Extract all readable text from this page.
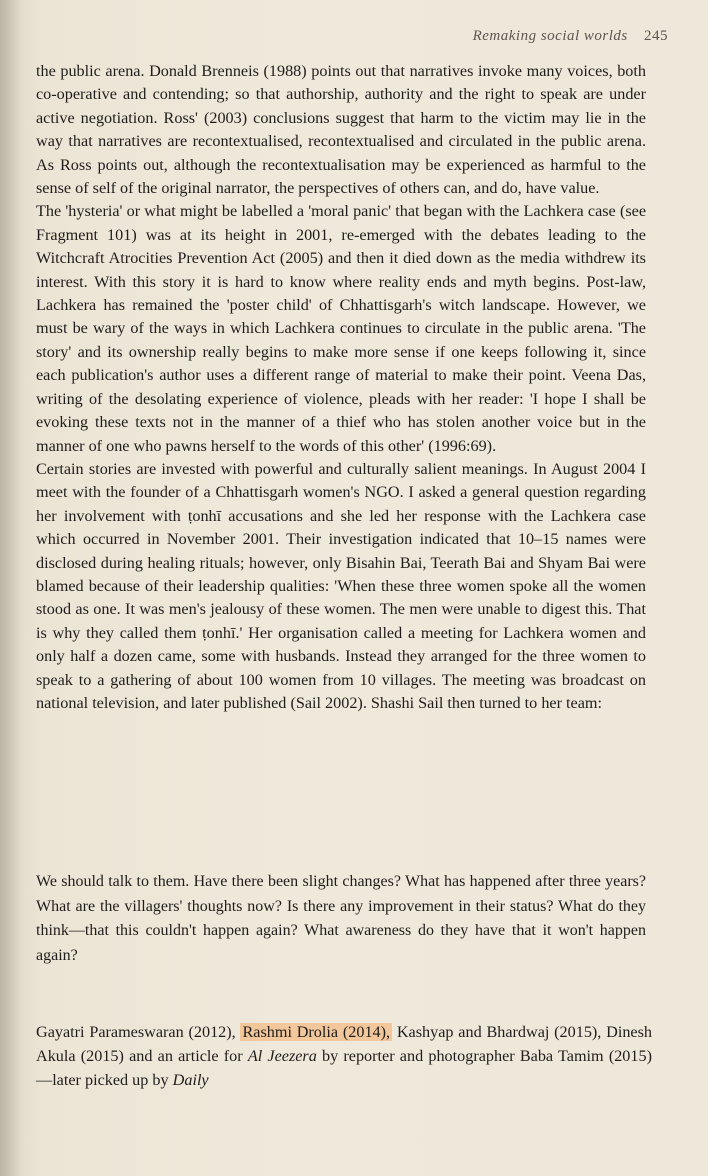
Remaking social worlds 245

the public arena. Donald Brenneis (1988) points out that narratives invoke many voices, both co-operative and contending; so that authorship, authority and the right to speak are under active negotiation. Ross' (2003) conclusions suggest that harm to the victim may lie in the way that narratives are recontextualised, recontextualised and circulated in the public arena. As Ross points out, although the recontextualisation may be experienced as harmful to the sense of self of the original narrator, the perspectives of others can, and do, have value.

The 'hysteria' or what might be labelled a 'moral panic' that began with the Lachkera case (see Fragment 101) was at its height in 2001, re-emerged with the debates leading to the Witchcraft Atrocities Prevention Act (2005) and then it died down as the media withdrew its interest. With this story it is hard to know where reality ends and myth begins. Post-law, Lachkera has remained the 'poster child' of Chhattisgarh's witch landscape. However, we must be wary of the ways in which Lachkera continues to circulate in the public arena. 'The story' and its ownership really begins to make more sense if one keeps following it, since each publication's author uses a different range of material to make their point. Veena Das, writing of the desolating experience of violence, pleads with her reader: 'I hope I shall be evoking these texts not in the manner of a thief who has stolen another voice but in the manner of one who pawns herself to the words of this other' (1996:69).

Certain stories are invested with powerful and culturally salient meanings. In August 2004 I meet with the founder of a Chhattisgarh women's NGO. I asked a general question regarding her involvement with ṭonhī accusations and she led her response with the Lachkera case which occurred in November 2001. Their investigation indicated that 10–15 names were disclosed during healing rituals; however, only Bisahin Bai, Teerath Bai and Shyam Bai were blamed because of their leadership qualities: 'When these three women spoke all the women stood as one. It was men's jealousy of these women. The men were unable to digest this. That is why they called them ṭonhī.' Her organisation called a meeting for Lachkera women and only half a dozen came, some with husbands. Instead they arranged for the three women to speak to a gathering of about 100 women from 10 villages. The meeting was broadcast on national television, and later published (Sail 2002). Shashi Sail then turned to her team:

We should talk to them. Have there been slight changes? What has happened after three years? What are the villagers' thoughts now? Is there any improvement in their status? What do they think—that this couldn't happen again? What awareness do they have that it won't happen again?
Gayatri Parameswaran (2012), Rashmi Drolia (2014), Kashyap and Bhardwaj (2015), Dinesh Akula (2015) and an article for Al Jeezera by reporter and photographer Baba Tamim (2015)—later picked up by Daily
